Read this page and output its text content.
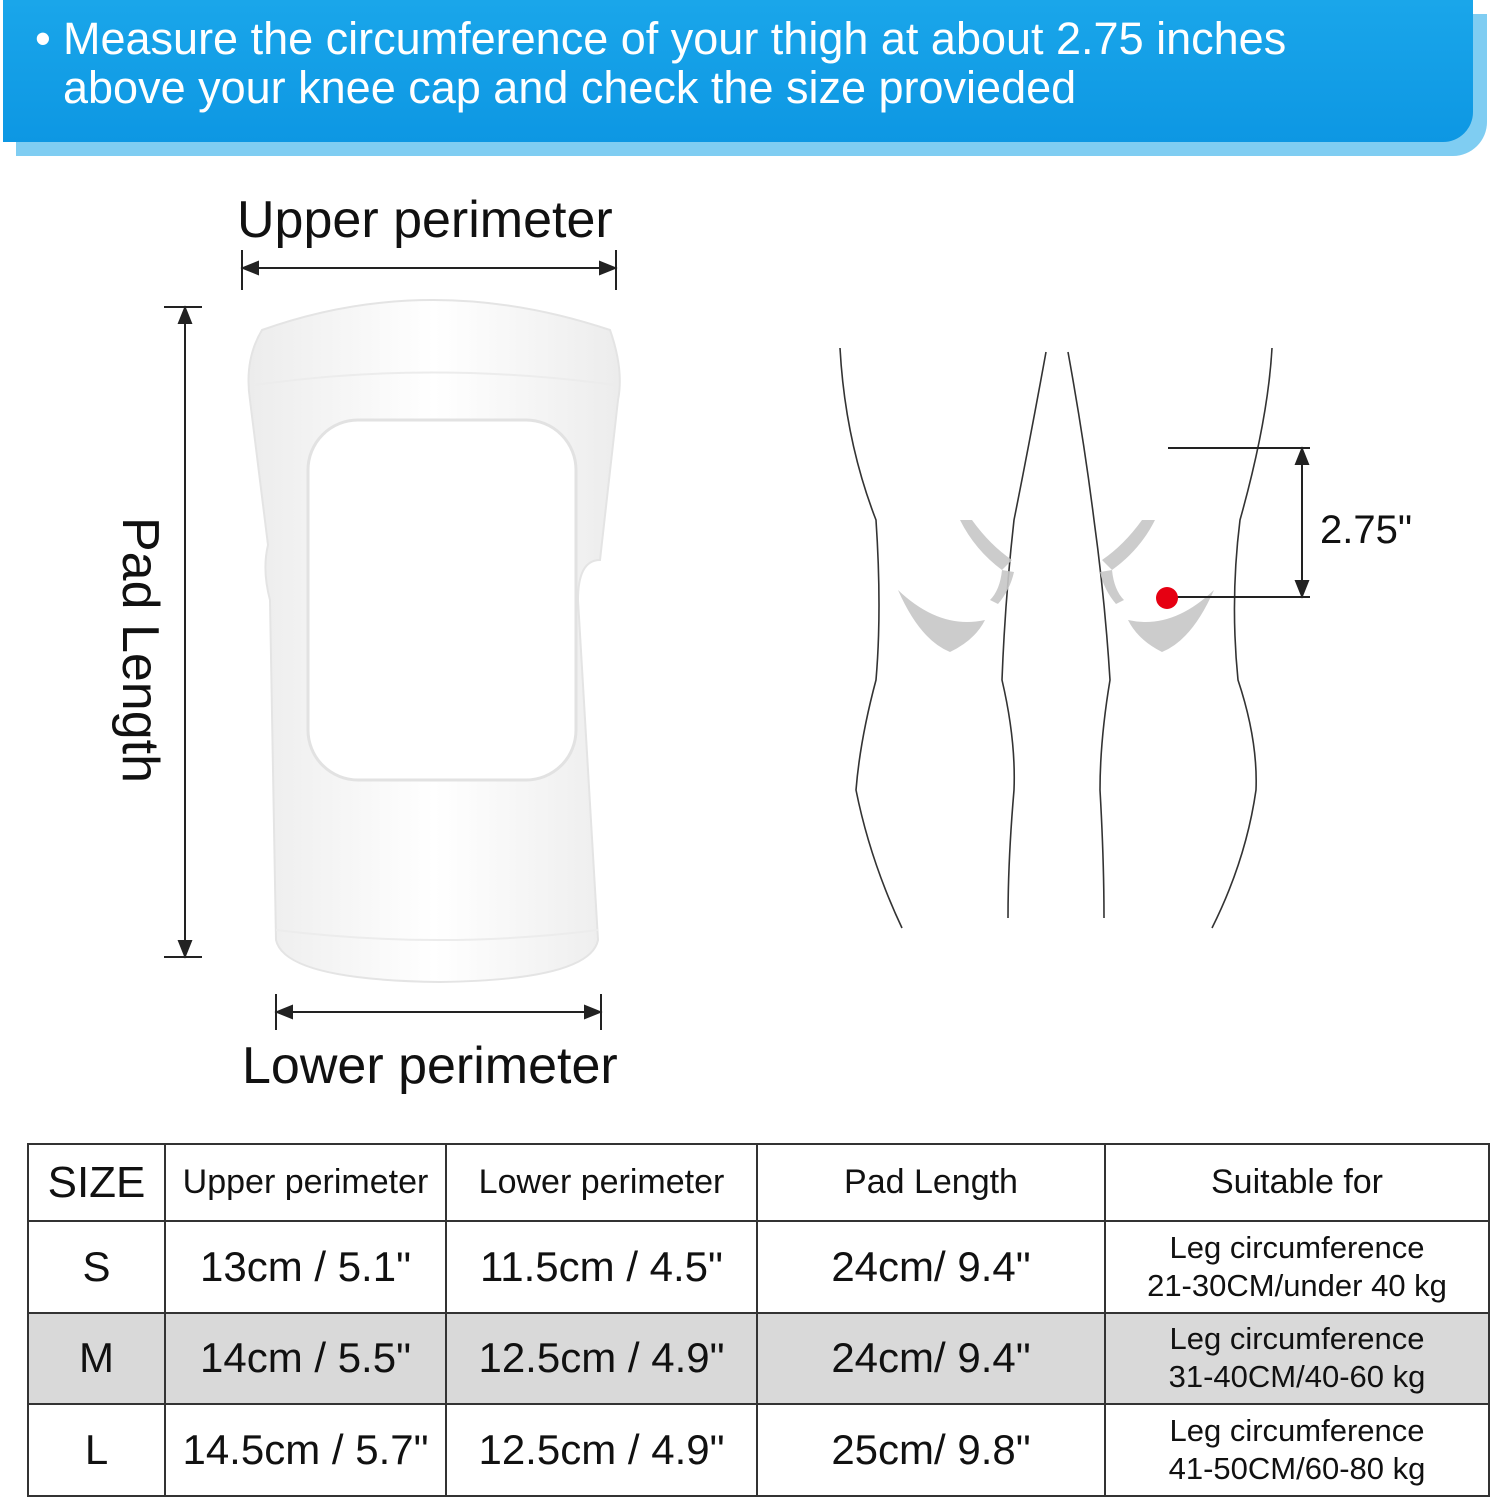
• Measure the circumference of your thigh at about 2.75 inches
above your knee cap and check the size provieded
Upper perimeter
Lower perimeter
Pad Length	2.75"
SIZE	Upper perimeter	Lower perimeter	Pad Length	Suitable for
S	13cm / 5.1"	11.5cm / 4.5"	24cm/ 9.4"	Leg circumference
21-30CM/under 40 kg

M	14cm / 5.5"	12.5cm / 4.9"	24cm/ 9.4"	Leg circumference
31-40CM/40-60 kg

L	14.5cm / 5.7"	12.5cm / 4.9"	25cm/ 9.8"	Leg circumference
41-50CM/60-80 kg
